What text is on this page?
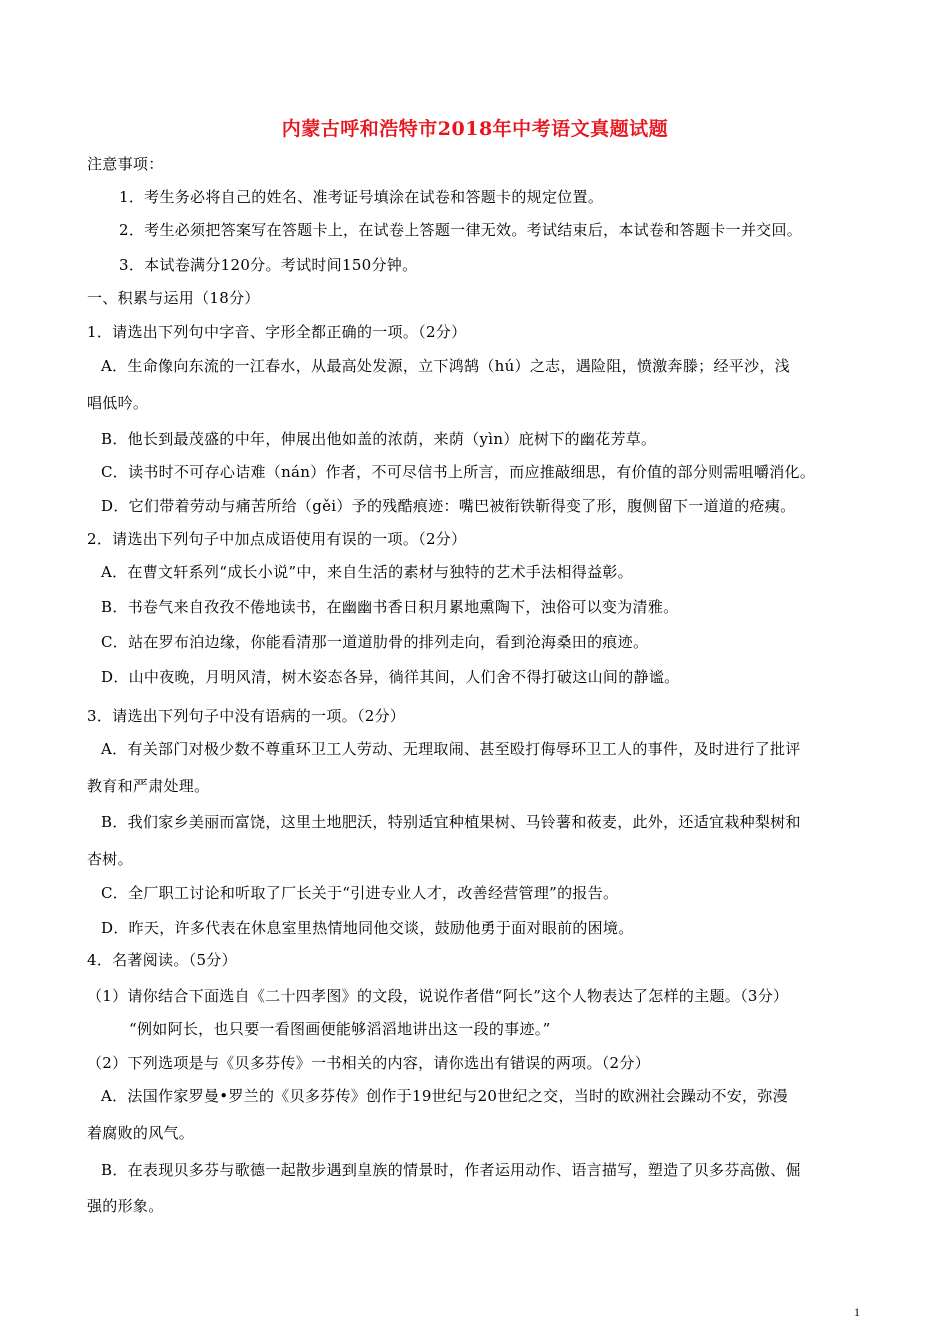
内蒙古呼和浩特市2018年中考语文真题试题
注意事项：
1．考生务必将自己的姓名、准考证号填涂在试卷和答题卡的规定位置。
2．考生必须把答案写在答题卡上，在试卷上答题一律无效。考试结束后，本试卷和答题卡一并交回。
3．本试卷满分120分。考试时间150分钟。
一、积累与运用（18分）
1．请选出下列句中字音、字形全都正确的一项。（2分）
A．生命像向东流的一江春水，从最高处发源，立下鸿鹄（hú）之志，遇险阻，愤激奔滕；经平沙，浅
唱低吟。
B．他长到最茂盛的中年，伸展出他如盖的浓荫，来荫（yìn）庇树下的幽花芳草。
C．读书时不可存心诘难（nán）作者，不可尽信书上所言，而应推敲细思，有价值的部分则需咀嚼消化。
D．它们带着劳动与痛苦所给（gěi）予的残酷痕迹：嘴巴被衔铁靳得变了形，腹侧留下一道道的疮痍。
2．请选出下列句子中加点成语使用有误的一项。（2分）
A．在曹文轩系列“成长小说”中，来自生活的素材与独特的艺术手法相得益彰。
B．书卷气来自孜孜不倦地读书，在幽幽书香日积月累地熏陶下，浊俗可以变为清雅。
C．站在罗布泊边缘，你能看清那一道道肋骨的排列走向，看到沧海桑田的痕迹。
D．山中夜晚，月明风清，树木姿态各异，徜徉其间，人们舍不得打破这山间的静谧。
3．请选出下列句子中没有语病的一项。（2分）
A．有关部门对极少数不尊重环卫工人劳动、无理取闹、甚至殴打侮辱环卫工人的事件，及时进行了批评
教育和严肃处理。
B．我们家乡美丽而富饶，这里土地肥沃，特别适宜种植果树、马铃薯和莜麦，此外，还适宜栽种梨树和
杏树。
C．全厂职工讨论和听取了厂长关于“引进专业人才，改善经营管理”的报告。
D．昨天，许多代表在休息室里热情地同他交谈，鼓励他勇于面对眼前的困境。
4．名著阅读。（5分）
（1）请你结合下面选自《二十四孝图》的文段，说说作者借“阿长”这个人物表达了怎样的主题。（3分）
“例如阿长，也只要一看图画便能够滔滔地讲出这一段的事迹。”
（2）下列选项是与《贝多芬传》一书相关的内容，请你选出有错误的两项。（2分）
A．法国作家罗曼•罗兰的《贝多芬传》创作于19世纪与20世纪之交，当时的欧洲社会躁动不安，弥漫
着腐败的风气。
B．在表现贝多芬与歌德一起散步遇到皇族的情景时，作者运用动作、语言描写，塑造了贝多芬高傲、倔
强的形象。
1
